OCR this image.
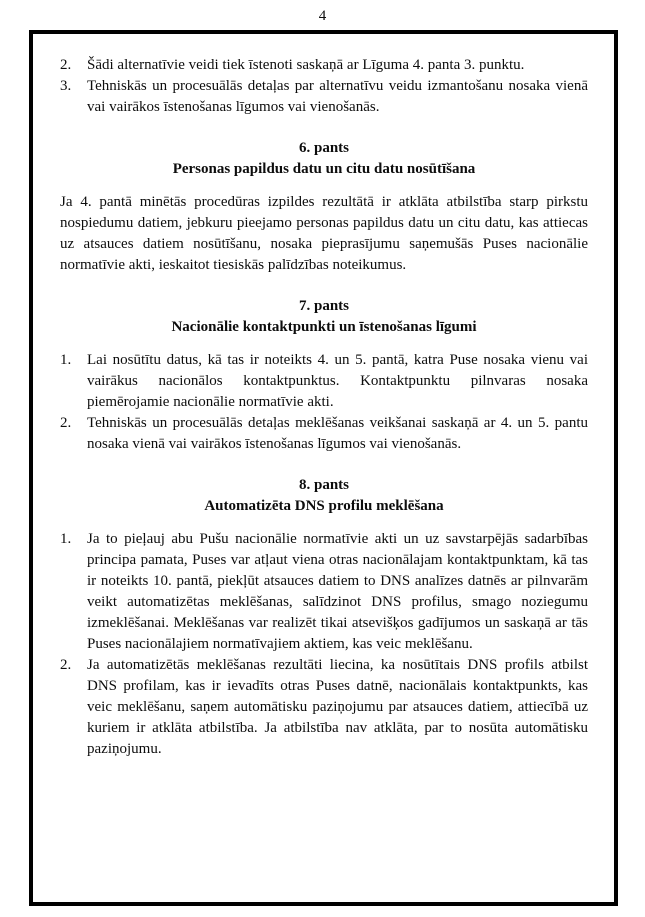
4
2.	Šādi alternatīvie veidi tiek īstenoti saskaņā ar Līguma 4. panta 3. punktu.
3.	Tehniskās un procesuālās detaļas par alternatīvu veidu izmantošanu nosaka vienā vai vairākos īstenošanas līgumos vai vienošanās.
6. pants
Personas papildus datu un citu datu nosūtīšana

Ja 4. pantā minētās procedūras izpildes rezultātā ir atklāta atbilstība starp pirkstu nospiedumu datiem, jebkuru pieejamo personas papildus datu un citu datu, kas attiecas uz atsauces datiem nosūtīšanu, nosaka pieprasījumu saņemušās Puses nacionālie normatīvie akti, ieskaitot tiesiskās palīdzības noteikumus.

7. pants
Nacionālie kontaktpunkti un īstenošanas līgumi
1.	Lai nosūtītu datus, kā tas ir noteikts 4. un 5. pantā, katra Puse nosaka vienu vai vairākus nacionālos kontaktpunktus. Kontaktpunktu pilnvaras nosaka piemērojamie nacionālie normatīvie akti.
2.	Tehniskās un procesuālās detaļas meklēšanas veikšanai saskaņā ar 4. un 5. pantu nosaka vienā vai vairākos īstenošanas līgumos vai vienošanās.
8. pants
Automatizēta DNS profilu meklēšana
1.	Ja to pieļauj abu Pušu nacionālie normatīvie akti un uz savstarpējās sadarbības principa pamata, Puses var atļaut viena otras nacionālajam kontaktpunktam, kā tas ir noteikts 10. pantā, piekļūt atsauces datiem to DNS analīzes datnēs ar pilnvarām veikt automatizētas meklēšanas, salīdzinot DNS profilus, smago noziegumu izmeklēšanai. Meklēšanas var realizēt tikai atsevišķos gadījumos un saskaņā ar tās Puses nacionālajiem normatīvajiem aktiem, kas veic meklēšanu.
2.	Ja automatizētās meklēšanas rezultāti liecina, ka nosūtītais DNS profils atbilst DNS profilam, kas ir ievadīts otras Puses datnē, nacionālais kontaktpunkts, kas veic meklēšanu, saņem automātisku paziņojumu par atsauces datiem, attiecībā uz kuriem ir atklāta atbilstība. Ja atbilstība nav atklāta, par to nosūta automātisku paziņojumu.
